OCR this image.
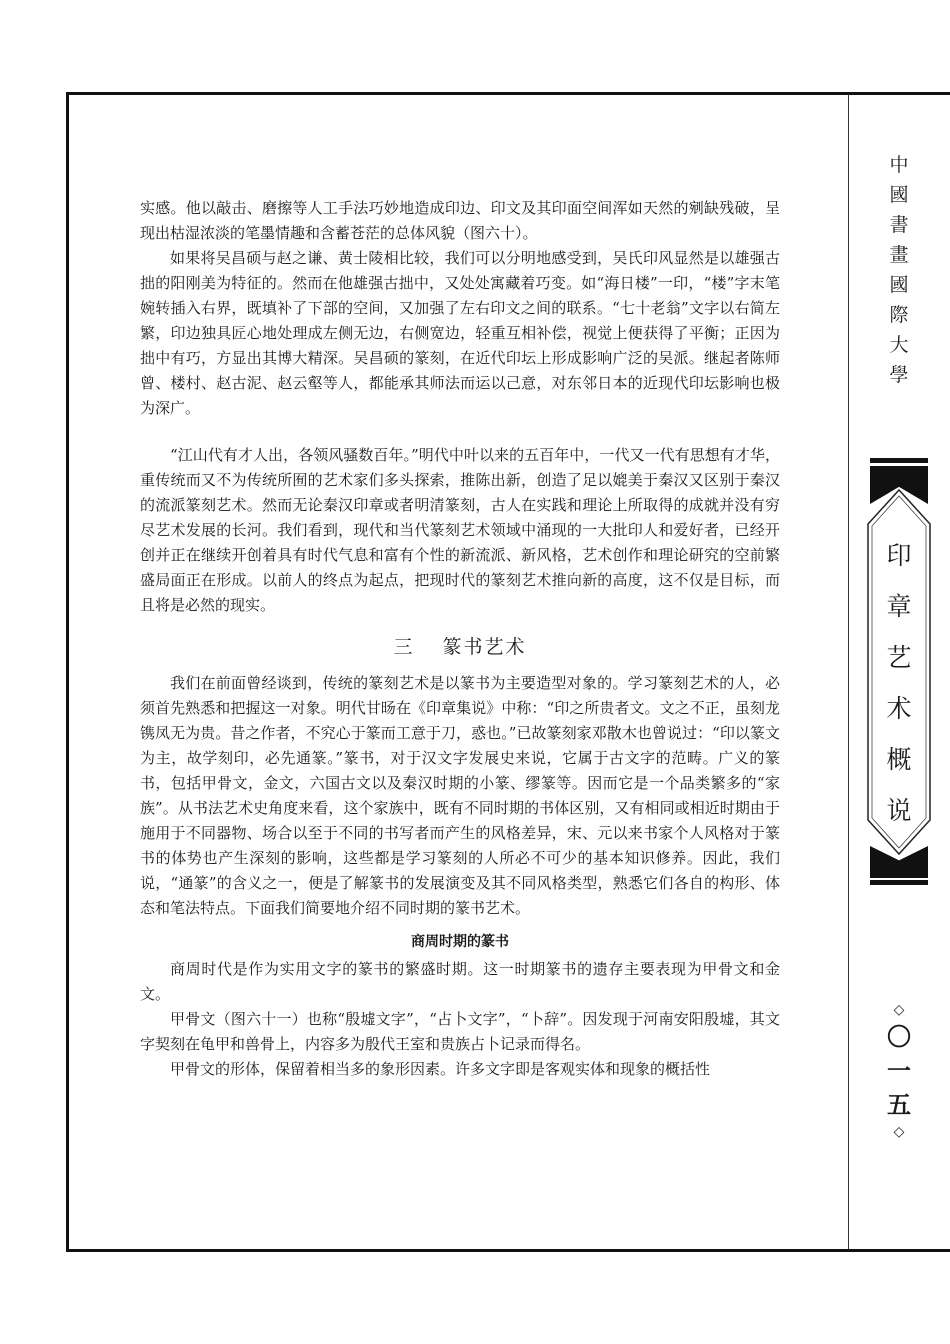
实感。他以敲击、磨擦等人工手法巧妙地造成印边、印文及其印面空间浑如天然的剜缺残破，呈现出枯湿浓淡的笔墨情趣和含蓄苍茫的总体风貌（图六十）。

如果将吴昌硕与赵之谦、黄士陵相比较，我们可以分明地感受到，吴氏印风显然是以雄强古拙的阳刚美为特征的。然而在他雄强古拙中，又处处寓藏着巧变。如“海日楼”一印，“楼”字末笔婉转插入右界，既填补了下部的空间，又加强了左右印文之间的联系。“七十老翁”文字以右简左繁，印边独具匠心地处理成左侧无边，右侧宽边，轻重互相补偿，视觉上便获得了平衡；正因为拙中有巧，方显出其博大精深。吴昌硕的篆刻，在近代印坛上形成影响广泛的吴派。继起者陈师曾、楼村、赵古泥、赵云壑等人，都能承其师法而运以己意，对东邻日本的近现代印坛影响也极为深广。

“江山代有才人出，各领风骚数百年。”明代中叶以来的五百年中，一代又一代有思想有才华，重传统而又不为传统所囿的艺术家们多头探索，推陈出新，创造了足以媲美于秦汉又区别于秦汉的流派篆刻艺术。然而无论秦汉印章或者明清篆刻，古人在实践和理论上所取得的成就并没有穷尽艺术发展的长河。我们看到，现代和当代篆刻艺术领域中涌现的一大批印人和爱好者，已经开创并正在继续开创着具有时代气息和富有个性的新流派、新风格，艺术创作和理论研究的空前繁盛局面正在形成。以前人的终点为起点，把现时代的篆刻艺术推向新的高度，这不仅是目标，而且将是必然的现实。

三 篆书艺术

我们在前面曾经谈到，传统的篆刻艺术是以篆书为主要造型对象的。学习篆刻艺术的人，必须首先熟悉和把握这一对象。明代甘旸在《印章集说》中称：“印之所贵者文。文之不正，虽刻龙镌凤无为贵。昔之作者，不究心于篆而工意于刀，惑也。”已故篆刻家邓散木也曾说过：“印以篆文为主，故学刻印，必先通篆。”篆书，对于汉文字发展史来说，它属于古文字的范畴。广义的篆书，包括甲骨文，金文，六国古文以及秦汉时期的小篆、缪篆等。因而它是一个品类繁多的“家族”。从书法艺术史角度来看，这个家族中，既有不同时期的书体区别，又有相同或相近时期由于施用于不同器物、场合以至于不同的书写者而产生的风格差异，宋、元以来书家个人风格对于篆书的体势也产生深刻的影响，这些都是学习篆刻的人所必不可少的基本知识修养。因此，我们说，“通篆”的含义之一，便是了解篆书的发展演变及其不同风格类型，熟悉它们各自的构形、体态和笔法特点。下面我们简要地介绍不同时期的篆书艺术。

商周时期的篆书

商周时代是作为实用文字的篆书的繁盛时期。这一时期篆书的遗存主要表现为甲骨文和金文。

甲骨文（图六十一）也称“殷墟文字”，“占卜文字”，“卜辞”。因发现于河南安阳殷墟，其文字契刻在龟甲和兽骨上，内容多为殷代王室和贵族占卜记录而得名。

甲骨文的形体，保留着相当多的象形因素。许多文字即是客观实体和现象的概括性

中
國
書
畫
國
際
大
學
印
章
艺
术
概
说
◇
〇
一
五
◇
